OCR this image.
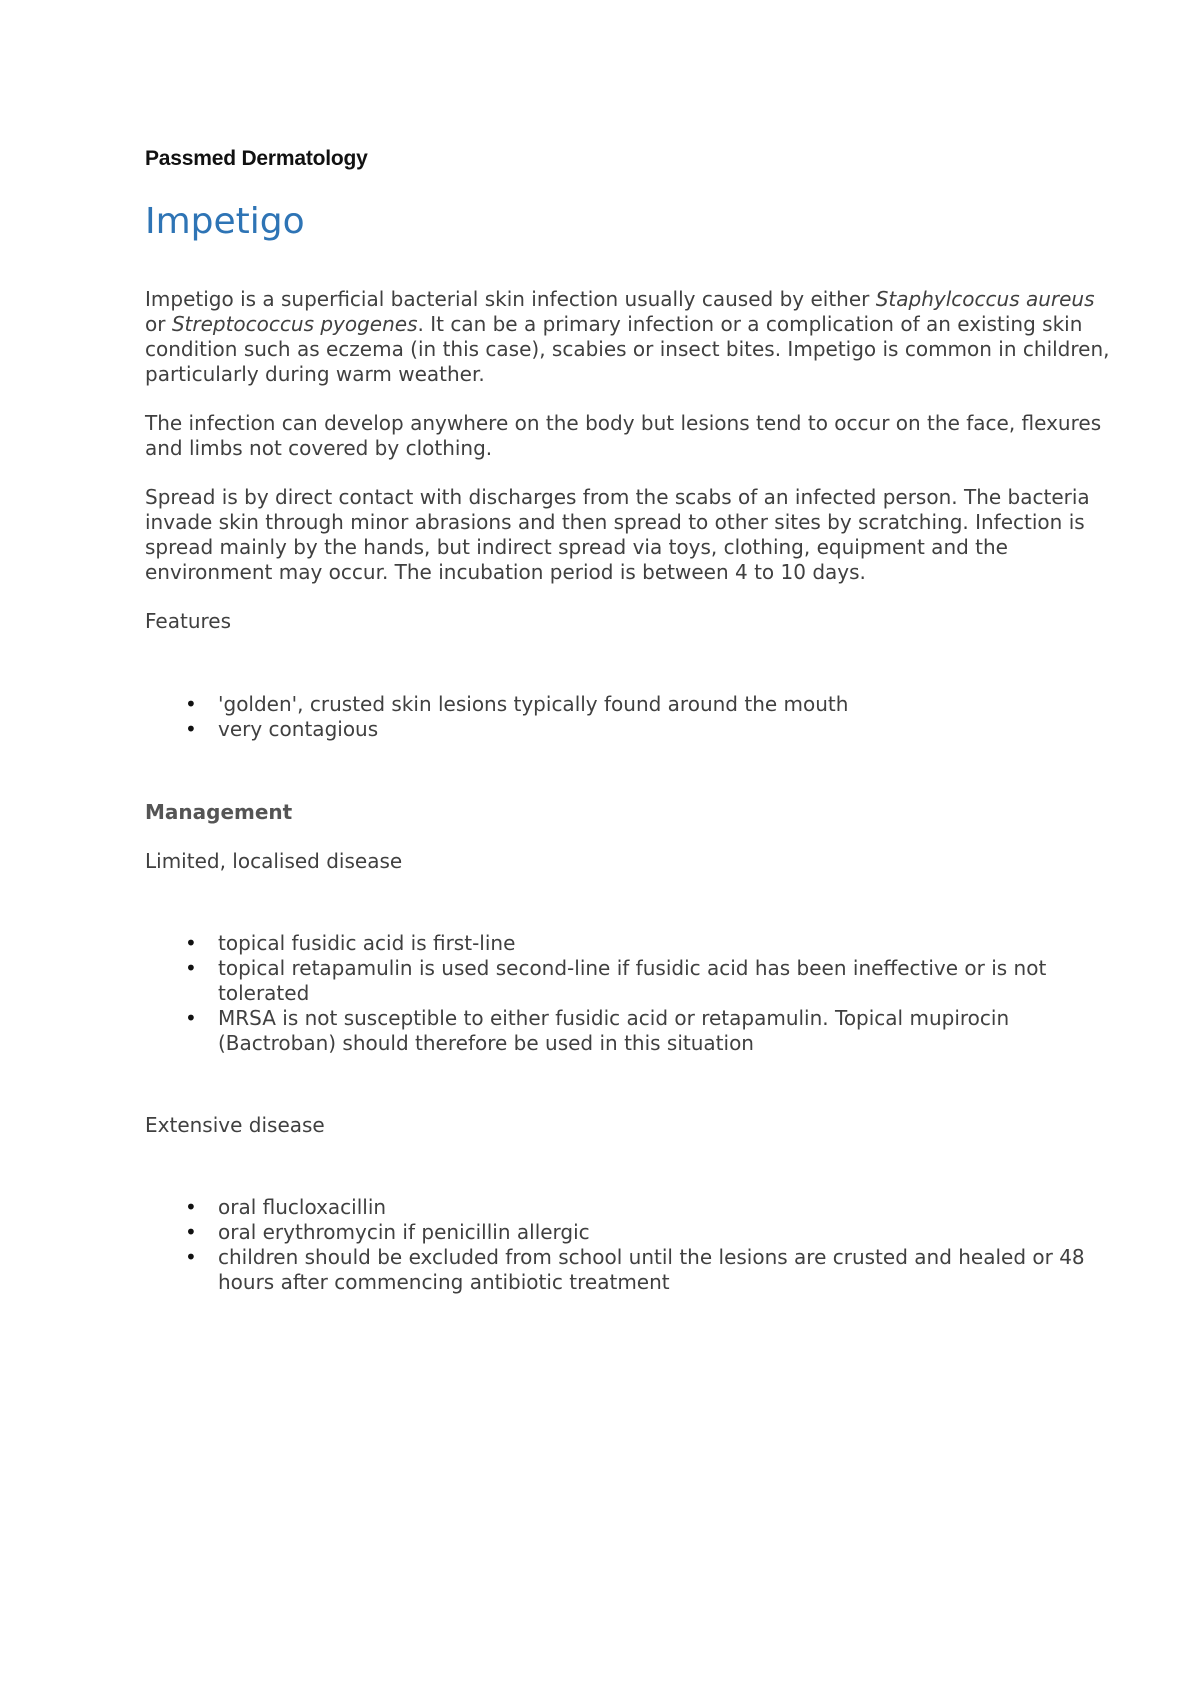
Passmed Dermatology

Impetigo

Impetigo is a superficial bacterial skin infection usually caused by either Staphylcoccus aureus or Streptococcus pyogenes. It can be a primary infection or a complication of an existing skin condition such as eczema (in this case), scabies or insect bites. Impetigo is common in children, particularly during warm weather.

The infection can develop anywhere on the body but lesions tend to occur on the face, flexures and limbs not covered by clothing.

Spread is by direct contact with discharges from the scabs of an infected person. The bacteria invade skin through minor abrasions and then spread to other sites by scratching. Infection is spread mainly by the hands, but indirect spread via toys, clothing, equipment and the environment may occur. The incubation period is between 4 to 10 days.

Features

• 'golden', crusted skin lesions typically found around the mouth
• very contagious
Management

Limited, localised disease

• topical fusidic acid is first-line
• topical retapamulin is used second-line if fusidic acid has been ineffective or is not tolerated
• MRSA is not susceptible to either fusidic acid or retapamulin. Topical mupirocin (Bactroban) should therefore be used in this situation

Extensive disease

• oral flucloxacillin
• oral erythromycin if penicillin allergic
• children should be excluded from school until the lesions are crusted and healed or 48 hours after commencing antibiotic treatment
